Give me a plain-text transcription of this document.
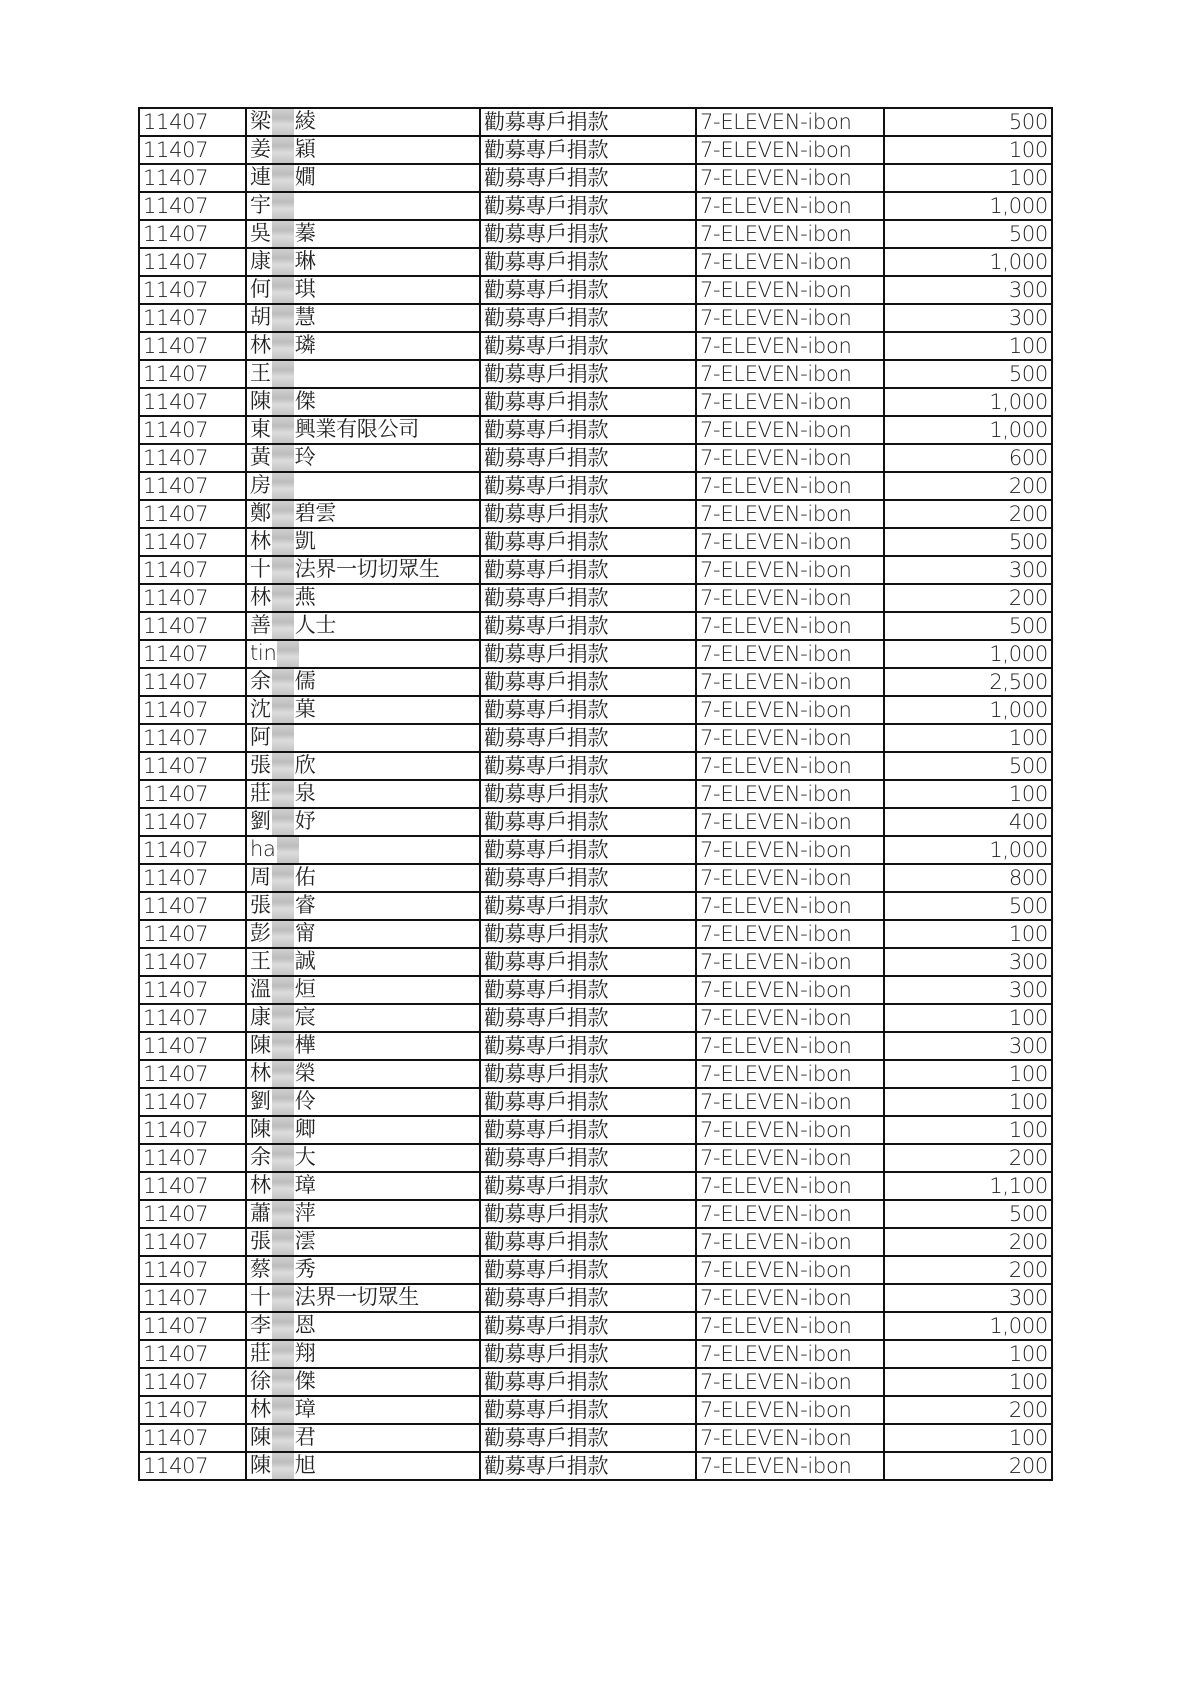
11407	梁 綾	勸募專戶捐款	7-ELEVEN-ibon	500
11407	姜 穎	勸募專戶捐款	7-ELEVEN-ibon	100
11407	連 嫺	勸募專戶捐款	7-ELEVEN-ibon	100
11407	宇	勸募專戶捐款	7-ELEVEN-ibon	1,000
11407	吳 蓁	勸募專戶捐款	7-ELEVEN-ibon	500
11407	康 琳	勸募專戶捐款	7-ELEVEN-ibon	1,000
11407	何 琪	勸募專戶捐款	7-ELEVEN-ibon	300
11407	胡 慧	勸募專戶捐款	7-ELEVEN-ibon	300
11407	林 璘	勸募專戶捐款	7-ELEVEN-ibon	100
11407	王	勸募專戶捐款	7-ELEVEN-ibon	500
11407	陳 傑	勸募專戶捐款	7-ELEVEN-ibon	1,000
11407	東 興業有限公司	勸募專戶捐款	7-ELEVEN-ibon	1,000
11407	黃 玲	勸募專戶捐款	7-ELEVEN-ibon	600
11407	房	勸募專戶捐款	7-ELEVEN-ibon	200
11407	鄭 碧雲	勸募專戶捐款	7-ELEVEN-ibon	200
11407	林 凱	勸募專戶捐款	7-ELEVEN-ibon	500
11407	十 法界一切切眾生	勸募專戶捐款	7-ELEVEN-ibon	300
11407	林 燕	勸募專戶捐款	7-ELEVEN-ibon	200
11407	善 人士	勸募專戶捐款	7-ELEVEN-ibon	500
11407	tin	勸募專戶捐款	7-ELEVEN-ibon	1,000
11407	余 儒	勸募專戶捐款	7-ELEVEN-ibon	2,500
11407	沈 菓	勸募專戶捐款	7-ELEVEN-ibon	1,000
11407	阿	勸募專戶捐款	7-ELEVEN-ibon	100
11407	張 欣	勸募專戶捐款	7-ELEVEN-ibon	500
11407	莊 泉	勸募專戶捐款	7-ELEVEN-ibon	100
11407	劉 妤	勸募專戶捐款	7-ELEVEN-ibon	400
11407	ha	勸募專戶捐款	7-ELEVEN-ibon	1,000
11407	周 佑	勸募專戶捐款	7-ELEVEN-ibon	800
11407	張 睿	勸募專戶捐款	7-ELEVEN-ibon	500
11407	彭 甯	勸募專戶捐款	7-ELEVEN-ibon	100
11407	王 誠	勸募專戶捐款	7-ELEVEN-ibon	300
11407	溫 烜	勸募專戶捐款	7-ELEVEN-ibon	300
11407	康 宸	勸募專戶捐款	7-ELEVEN-ibon	100
11407	陳 樺	勸募專戶捐款	7-ELEVEN-ibon	300
11407	林 榮	勸募專戶捐款	7-ELEVEN-ibon	100
11407	劉 伶	勸募專戶捐款	7-ELEVEN-ibon	100
11407	陳 卿	勸募專戶捐款	7-ELEVEN-ibon	100
11407	余 大	勸募專戶捐款	7-ELEVEN-ibon	200
11407	林 璋	勸募專戶捐款	7-ELEVEN-ibon	1,100
11407	蕭 萍	勸募專戶捐款	7-ELEVEN-ibon	500
11407	張 澐	勸募專戶捐款	7-ELEVEN-ibon	200
11407	蔡 秀	勸募專戶捐款	7-ELEVEN-ibon	200
11407	十 法界一切眾生	勸募專戶捐款	7-ELEVEN-ibon	300
11407	李 恩	勸募專戶捐款	7-ELEVEN-ibon	1,000
11407	莊 翔	勸募專戶捐款	7-ELEVEN-ibon	100
11407	徐 傑	勸募專戶捐款	7-ELEVEN-ibon	100
11407	林 璋	勸募專戶捐款	7-ELEVEN-ibon	200
11407	陳 君	勸募專戶捐款	7-ELEVEN-ibon	100
11407	陳 旭	勸募專戶捐款	7-ELEVEN-ibon	200
